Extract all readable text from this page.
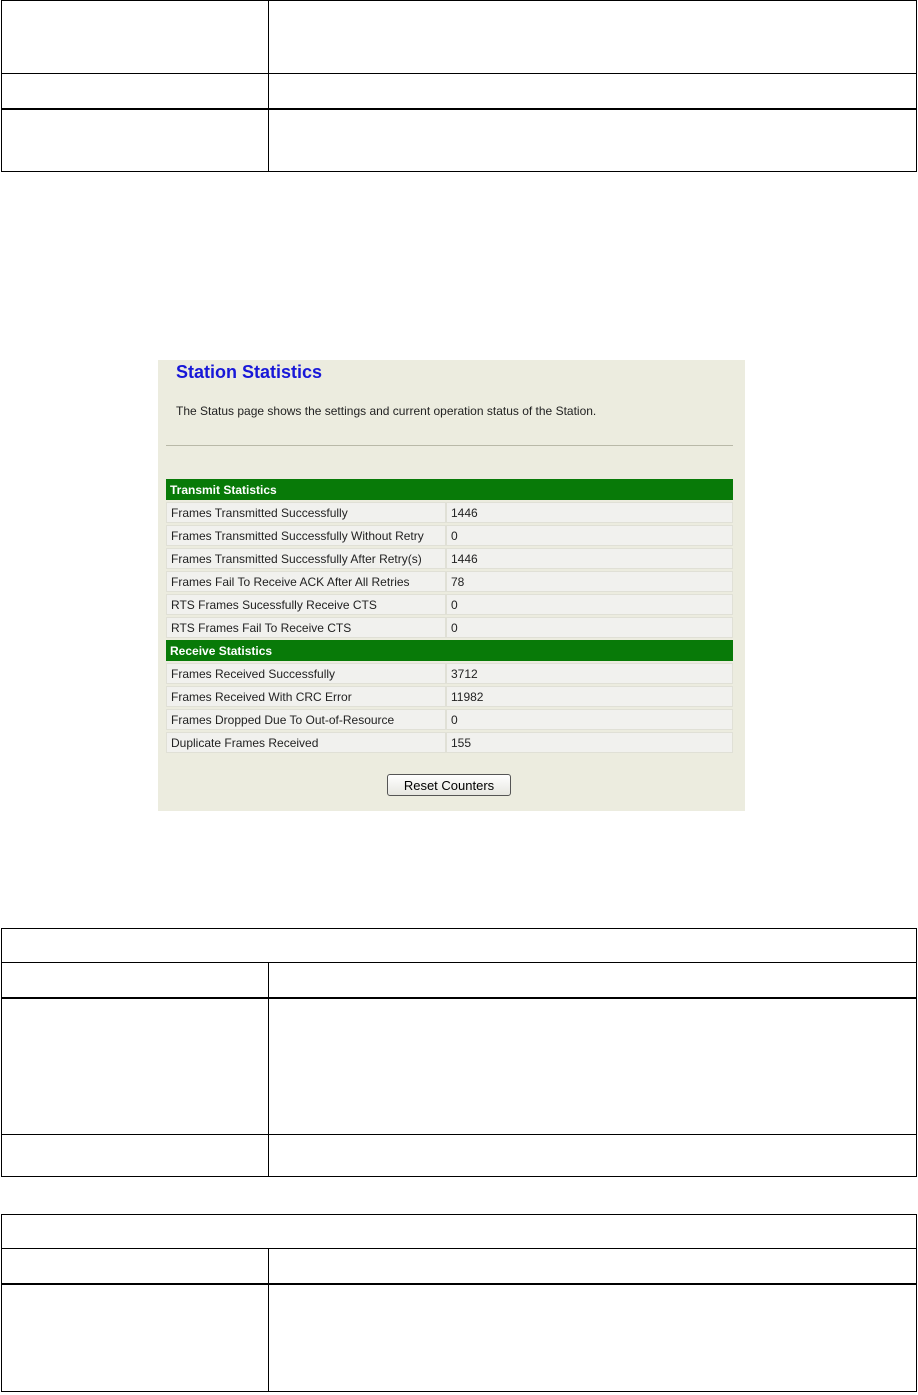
Station Statistics
The Status page shows the settings and current operation status of the Station.
Transmit Statistics	
Frames Transmitted Successfully	1446
Frames Transmitted Successfully Without Retry	0
Frames Transmitted Successfully After Retry(s)	1446
Frames Fail To Receive ACK After All Retries	78
RTS Frames Sucessfully Receive CTS	0
RTS Frames Fail To Receive CTS	0
Receive Statistics	
Frames Received Successfully	3712
Frames Received With CRC Error	11982
Frames Dropped Due To Out-of-Resource	0
Duplicate Frames Received	155
Reset Counters
